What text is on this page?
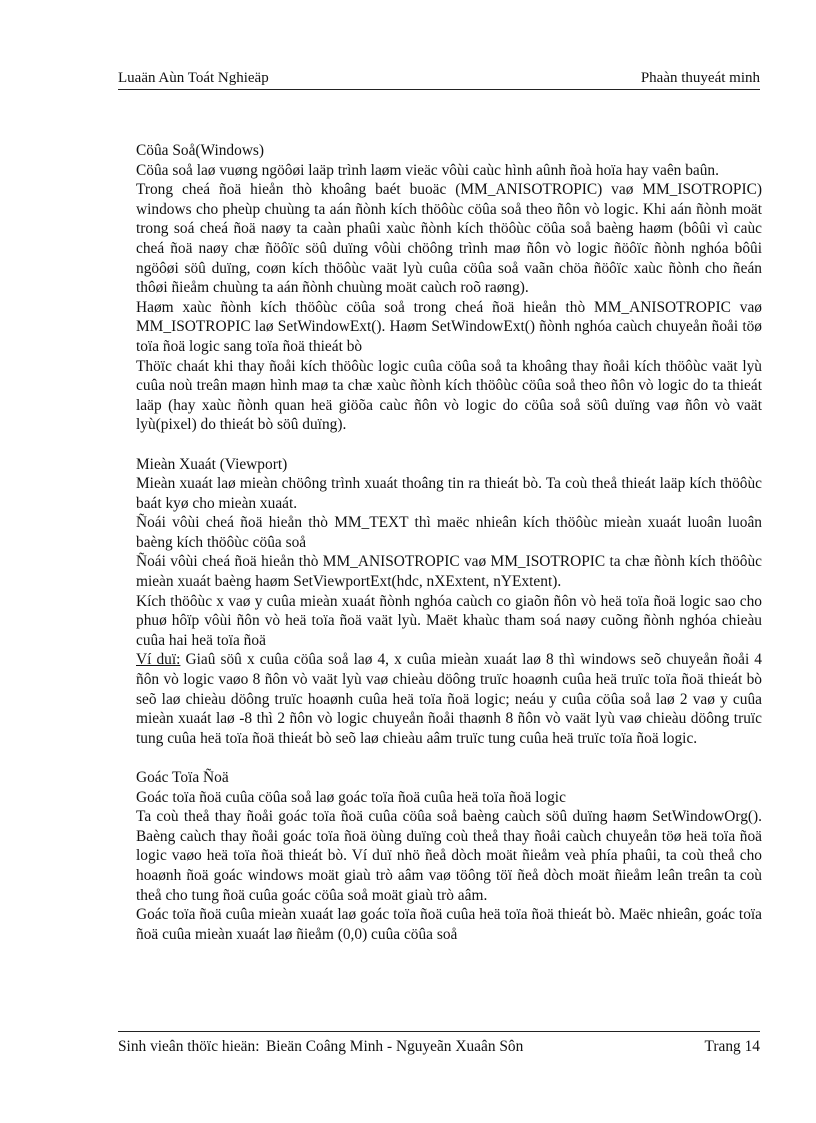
Luaän Aùn Toát Nghieäp	Phaàn thuyeát minh
Cöûa Soå(Windows)
Cöûa soå laø vuøng ngöôøi laäp trình laøm vieäc vôùi caùc hình aûnh ñoà hoïa hay vaên baûn.
Trong cheá ñoä hieån thò khoâng baét buoäc (MM_ANISOTROPIC) vaø MM_ISOTROPIC) windows cho pheùp chuùng ta aán ñònh kích thöôùc cöûa soå theo ñôn vò logic. Khi aán ñònh moät trong soá cheá ñoä naøy ta caàn phaûi xaùc ñònh kích thöôùc cöûa soå baèng haøm (bôûi vì caùc cheá ñoä naøy chæ ñöôïc söû duïng vôùi chöông trình maø ñôn vò logic ñöôïc ñònh nghóa bôûi ngöôøi söû duïng, coøn kích thöôùc vaät lyù cuûa cöûa soå vaãn chöa ñöôïc xaùc ñònh cho ñeán thôøi ñieåm chuùng ta aán ñònh chuùng moät caùch roõ raøng).
Haøm xaùc ñònh kích thöôùc cöûa soå trong cheá ñoä hieån thò MM_ANISOTROPIC vaø MM_ISOTROPIC laø SetWindowExt(). Haøm SetWindowExt() ñònh nghóa caùch chuyeån ñoåi töø toïa ñoä logic sang toïa ñoä thieát bò
Thöïc chaát khi thay ñoåi kích thöôùc logic cuûa cöûa soå ta khoâng thay ñoåi kích thöôùc vaät lyù cuûa noù treân maøn hình maø ta chæ xaùc ñònh kích thöôùc cöûa soå theo ñôn vò logic do ta thieát laäp (hay xaùc ñònh quan heä giöõa caùc ñôn vò logic do cöûa soå söû duïng vaø ñôn vò vaät lyù(pixel) do thieát bò söû duïng).
Mieàn Xuaát (Viewport)
Mieàn xuaát laø mieàn chöông trình xuaát thoâng tin ra thieát bò. Ta coù theå thieát laäp kích thöôùc baát kyø cho mieàn xuaát.
Ñoái vôùi cheá ñoä hieån thò MM_TEXT thì maëc nhieân kích thöôùc mieàn xuaát luoân luoân baèng kích thöôùc cöûa soå
Ñoái vôùi cheá ñoä hieån thò MM_ANISOTROPIC vaø MM_ISOTROPIC ta chæ ñònh kích thöôùc mieàn xuaát baèng haøm SetViewportExt(hdc, nXExtent, nYExtent).
Kích thöôùc x vaø y cuûa mieàn xuaát ñònh nghóa caùch co giaõn ñôn vò heä toïa ñoä logic sao cho phuø hôïp vôùi ñôn vò heä toïa ñoä vaät lyù. Maët khaùc tham soá naøy cuõng ñònh nghóa chieàu cuûa hai heä toïa ñoä
Ví duï: Giaû söû x cuûa cöûa soå laø 4, x cuûa mieàn xuaát laø 8 thì windows seõ chuyeån ñoåi 4 ñôn vò logic vaøo 8 ñôn vò vaät lyù vaø chieàu döông truïc hoaønh cuûa heä truïc toïa ñoä thieát bò seõ laø chieàu döông truïc hoaønh cuûa heä toïa ñoä logic; neáu y cuûa cöûa soå laø 2 vaø y cuûa mieàn xuaát laø -8 thì 2 ñôn vò logic chuyeån ñoåi thaønh 8 ñôn vò vaät lyù vaø chieàu döông truïc tung cuûa heä toïa ñoä thieát bò seõ laø chieàu aâm truïc tung cuûa heä truïc toïa ñoä logic.
Goác Toïa Ñoä
Goác toïa ñoä cuûa cöûa soå laø goác toïa ñoä cuûa heä toïa ñoä logic
Ta coù theå thay ñoåi goác toïa ñoä cuûa cöûa soå baèng caùch söû duïng haøm SetWindowOrg(). Baèng caùch thay ñoåi goác toïa ñoä öùng duïng coù theå thay ñoåi caùch chuyeån töø heä toïa ñoä logic vaøo heä toïa ñoä thieát bò. Ví duï nhö ñeå dòch moät ñieåm veà phía phaûi, ta coù theå cho hoaønh ñoä goác windows moät giaù trò aâm vaø töông töï ñeå dòch moät ñieåm leân treân ta coù theå cho tung ñoä cuûa goác cöûa soå moät giaù trò aâm.
Goác toïa ñoä cuûa mieàn xuaát laø goác toïa ñoä cuûa heä toïa ñoä thieát bò. Maëc nhieân, goác toïa ñoä cuûa mieàn xuaát laø ñieåm (0,0) cuûa cöûa soå
Sinh vieân thöïc hieän: Bieän Coâng Minh - Nguyeãn Xuaân Sôn	Trang 14
